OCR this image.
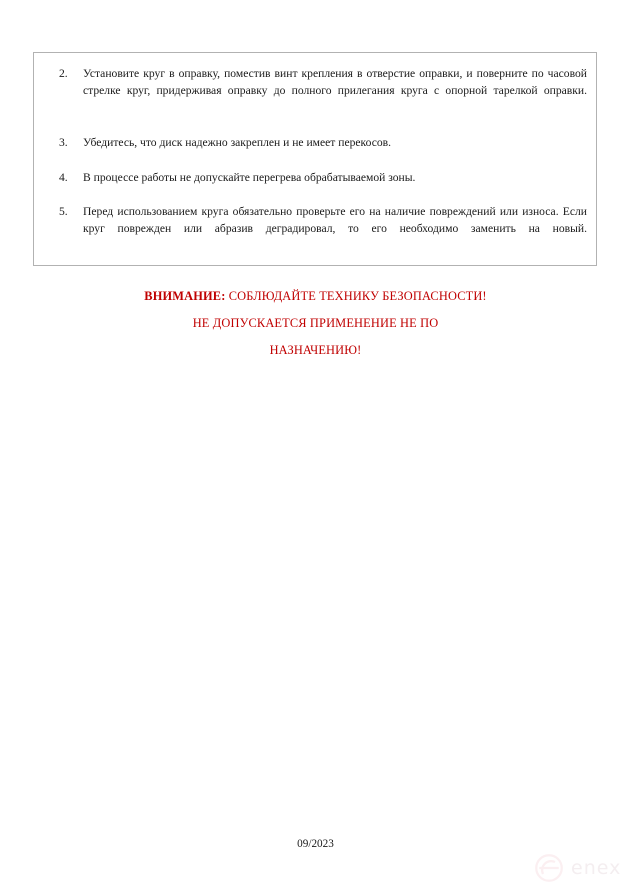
2.	Установите круг в оправку, поместив винт крепления в отверстие оправки, и поверните по часовой стрелке круг, придерживая оправку до полного прилегания круга с опорной тарелкой оправки.
3.	Убедитесь, что диск надежно закреплен и не имеет перекосов.
4.	В процессе работы не допускайте перегрева обрабатываемой зоны.
5.	Перед использованием круга обязательно проверьте его на наличие повреждений или износа. Если круг поврежден или абразив деградировал, то его необходимо заменить на новый.
ВНИМАНИЕ: СОБЛЮДАЙТЕ ТЕХНИКУ БЕЗОПАСНОСТИ!
НЕ ДОПУСКАЕТСЯ ПРИМЕНЕНИЕ НЕ ПО
НАЗНАЧЕНИЮ!
09/2023
enex
